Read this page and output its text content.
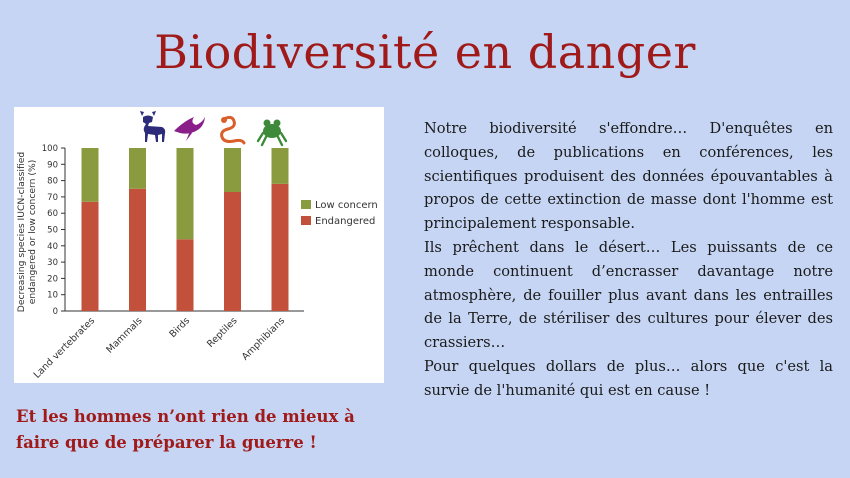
Biodiversité en danger
Decreasing species IUCN-classified endangered or low concern (%)
0
10
20
30
40
50
60
70
80
90
100
Land vertebrates Mammals Birds Reptiles Amphibians
Low concern
Endangered
Et les hommes n’ont rien de mieux à faire que de préparer la guerre !

Notre biodiversité s'effondre… D'enquêtes en colloques, de publications en conférences, les scientifiques produisent des données épouvantables à propos de cette extinction de masse dont l'homme est principalement responsable.

Ils prêchent dans le désert… Les puissants de ce monde continuent d’encrasser davantage notre atmosphère, de fouiller plus avant dans les entrailles de la Terre, de stériliser des cultures pour élever des crassiers…

Pour quelques dollars de plus… alors que c'est la survie de l'humanité qui est en cause !
